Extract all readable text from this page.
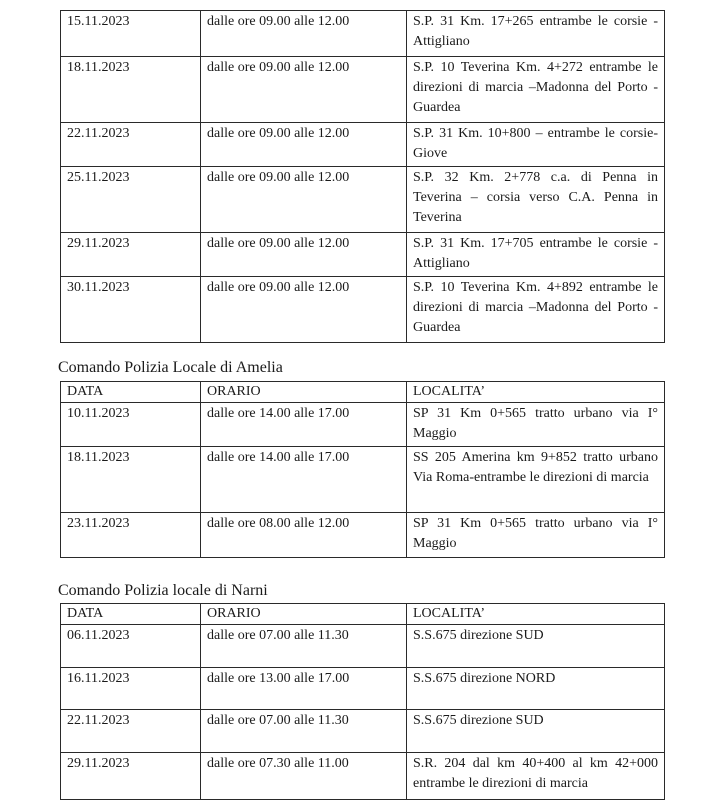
15.11.2023	dalle ore 09.00 alle 12.00	S.P. 31 Km. 17+265 entrambe le corsie - Attigliano
18.11.2023	dalle ore 09.00 alle 12.00	S.P. 10 Teverina Km. 4+272 entrambe le direzioni di marcia –Madonna del Porto -Guardea
22.11.2023	dalle ore 09.00 alle 12.00	S.P. 31 Km. 10+800 – entrambe le corsie- Giove
25.11.2023	dalle ore 09.00 alle 12.00	S.P. 32 Km. 2+778 c.a. di Penna in Teverina – corsia verso C.A. Penna in Teverina
29.11.2023	dalle ore 09.00 alle 12.00	S.P. 31 Km. 17+705 entrambe le corsie - Attigliano
30.11.2023	dalle ore 09.00 alle 12.00	S.P. 10 Teverina Km. 4+892 entrambe le direzioni di marcia –Madonna del Porto -Guardea
Comando Polizia Locale di Amelia
DATA	ORARIO	LOCALITA’
10.11.2023	dalle ore 14.00 alle 17.00	SP 31 Km 0+565 tratto urbano via I° Maggio
18.11.2023	dalle ore 14.00 alle 17.00	SS 205 Amerina km 9+852 tratto urbano Via Roma-entrambe le direzioni di marcia
23.11.2023	dalle ore 08.00 alle 12.00	SP 31 Km 0+565 tratto urbano via I° Maggio
Comando Polizia locale di Narni
DATA	ORARIO	LOCALITA’
06.11.2023	dalle ore 07.00 alle 11.30	S.S.675 direzione SUD
16.11.2023	dalle ore 13.00 alle 17.00	S.S.675 direzione NORD
22.11.2023	dalle ore 07.00 alle 11.30	S.S.675 direzione SUD
29.11.2023	dalle ore 07.30 alle 11.00	S.R. 204 dal km 40+400 al km 42+000 entrambe le direzioni di marcia
